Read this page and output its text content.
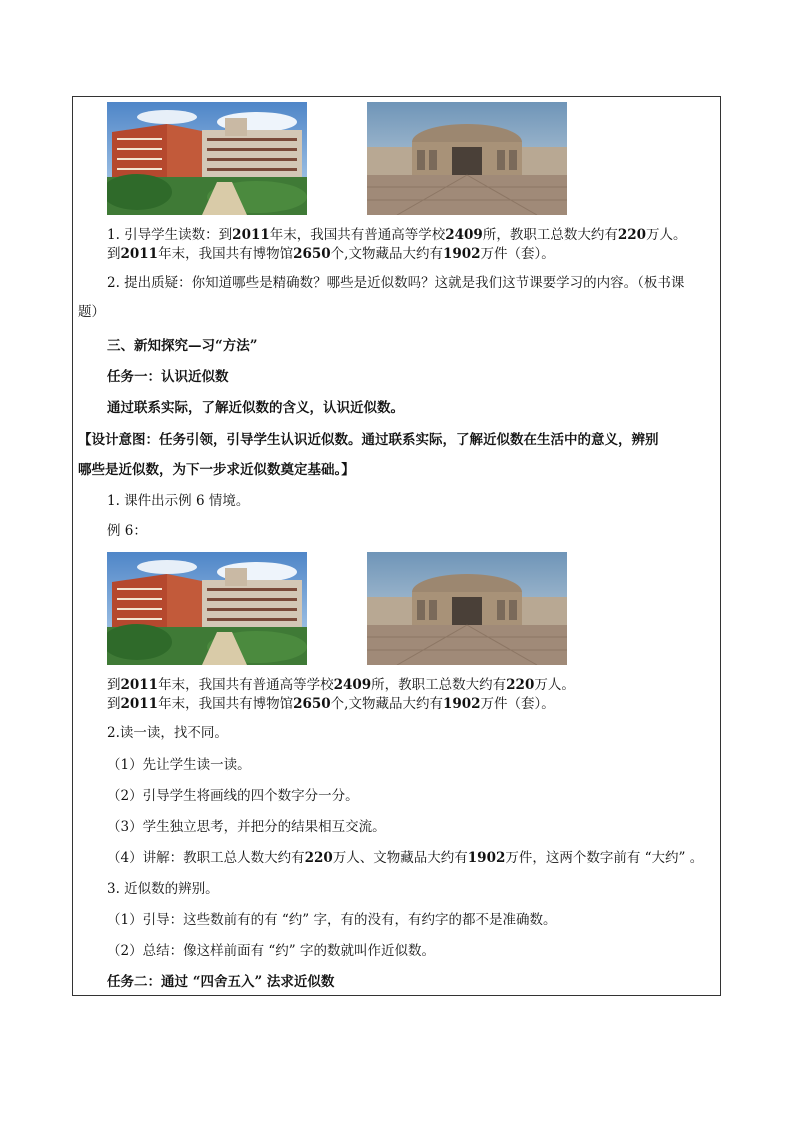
1. 引导学生读数：到2011年末，我国共有普通高等学校2409所，教职工总数大约有220万人。
到2011年末，我国共有博物馆2650个,文物藏品大约有1902万件（套）。
2. 提出质疑：你知道哪些是精确数？哪些是近似数吗？这就是我们这节课要学习的内容。（板书课
题）
三、新知探究—习“方法”
任务一：认识近似数
通过联系实际，了解近似数的含义，认识近似数。
【设计意图：任务引领，引导学生认识近似数。通过联系实际，了解近似数在生活中的意义，辨别
哪些是近似数，为下一步求近似数奠定基础。】
1. 课件出示例 6 情境。
例 6：
到2011年末，我国共有普通高等学校2409所，教职工总数大约有220万人。
到2011年末，我国共有博物馆2650个,文物藏品大约有1902万件（套）。
2.读一读，找不同。
（1）先让学生读一读。
（2）引导学生将画线的四个数字分一分。
（3）学生独立思考，并把分的结果相互交流。
（4）讲解：教职工总人数大约有220万人、文物藏品大约有1902万件，这两个数字前有 “大约” 。
3. 近似数的辨别。
（1）引导：这些数前有的有 “约” 字，有的没有，有约字的都不是准确数。
（2）总结：像这样前面有 “约” 字的数就叫作近似数。
任务二：通过 “四舍五入” 法求近似数
